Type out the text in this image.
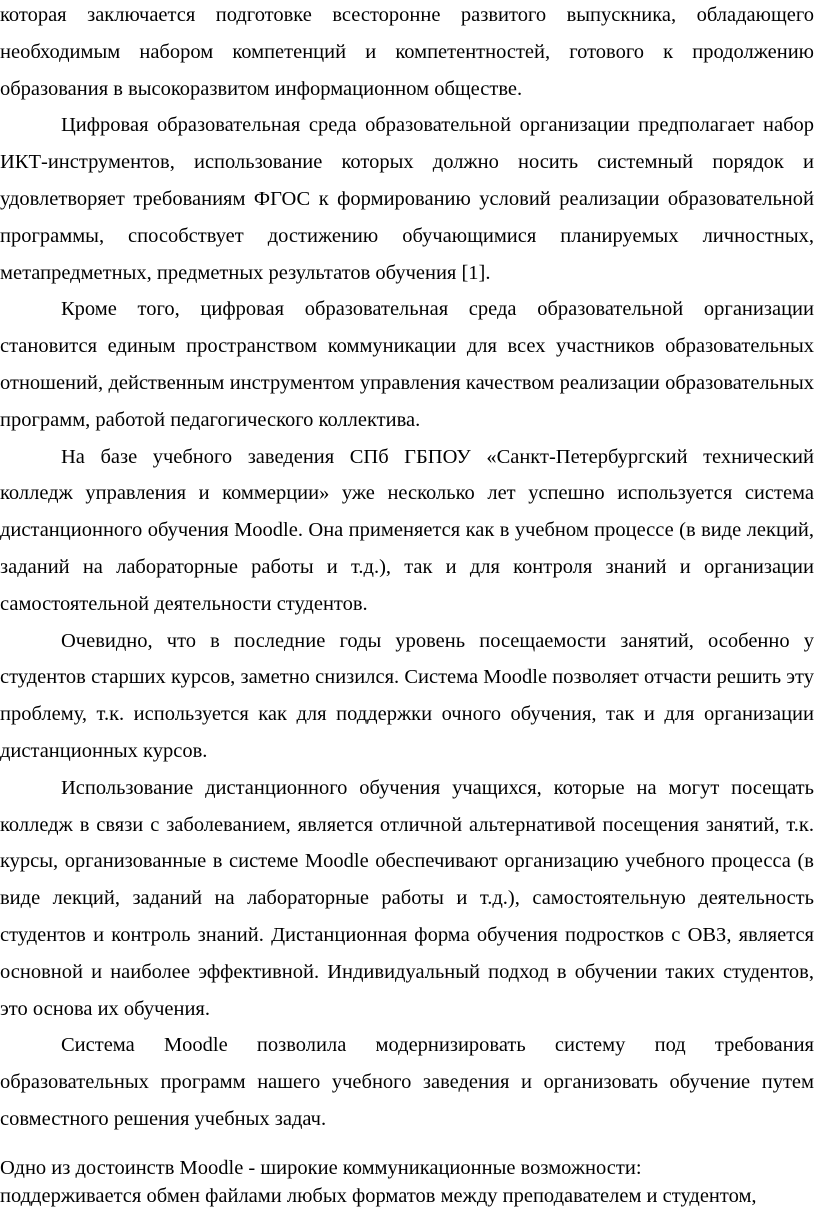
которая заключается подготовке всесторонне развитого выпускника, обладающего необходимым набором компетенций и компетентностей, готового к продолжению образования в высокоразвитом информационном обществе.

Цифровая образовательная среда образовательной организации предполагает набор ИКТ-инструментов, использование которых должно носить системный порядок и удовлетворяет требованиям ФГОС к формированию условий реализации образовательной программы, способствует достижению обучающимися планируемых личностных, метапредметных, предметных результатов обучения [1].

Кроме того, цифровая образовательная среда образовательной организации становится единым пространством коммуникации для всех участников образовательных отношений, действенным инструментом управления качеством реализации образовательных программ, работой педагогического коллектива.

На базе учебного заведения СПб ГБПОУ «Санкт-Петербургский технический колледж управления и коммерции» уже несколько лет успешно используется система дистанционного обучения Moodle. Она применяется как в учебном процессе (в виде лекций, заданий на лабораторные работы и т.д.), так и для контроля знаний и организации самостоятельной деятельности студентов.

Очевидно, что в последние годы уровень посещаемости занятий, особенно у студентов старших курсов, заметно снизился. Система Moodle позволяет отчасти решить эту проблему, т.к. используется как для поддержки очного обучения, так и для организации дистанционных курсов.

Использование дистанционного обучения учащихся, которые на могут посещать колледж в связи с заболеванием, является отличной альтернативой посещения занятий, т.к. курсы, организованные в системе Moodle обеспечивают организацию учебного процесса (в виде лекций, заданий на лабораторные работы и т.д.), самостоятельную деятельность студентов и контроль знаний. Дистанционная форма обучения подростков с ОВЗ, является основной и наиболее эффективной. Индивидуальный подход в обучении таких студентов, это основа их обучения.

Система Moodle позволила модернизировать систему под требования образовательных программ нашего учебного заведения и организовать обучение путем совместного решения учебных задач.

Одно из достоинств Moodle - широкие коммуникационные возможности:
поддерживается обмен файлами любых форматов между преподавателем и студентом,
